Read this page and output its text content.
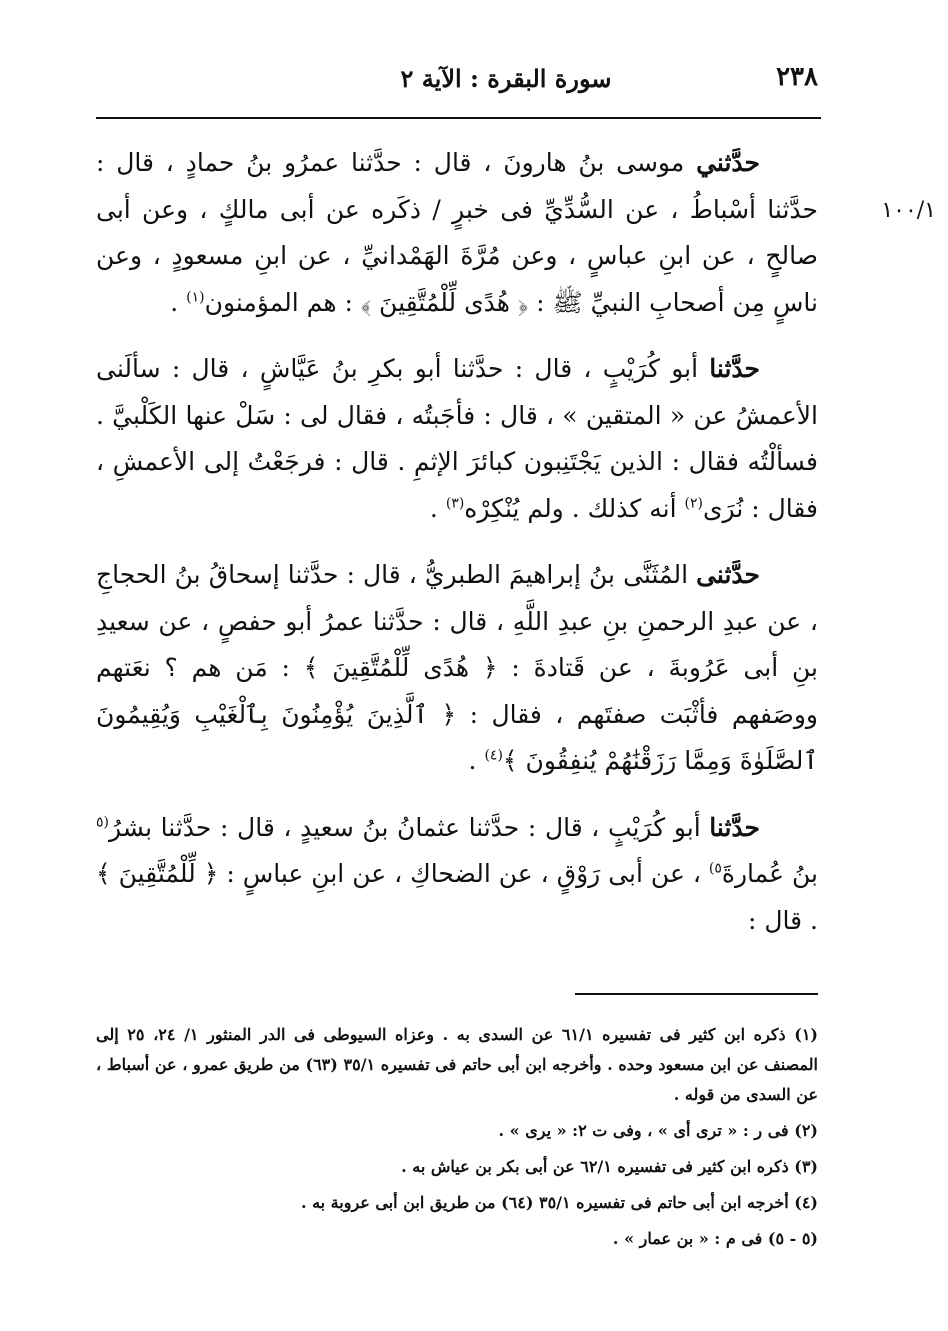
٢٣٨
سورة البقرة : الآية ٢
١٠٠/١

حدَّثني موسى بنُ هارونَ ، قال : حدَّثنا عمرُو بنُ حمادٍ ، قال : حدَّثنا أسْباطُ ، عن السُّدِّيِّ فى خبرٍ / ذكَره عن أبى مالكٍ ، وعن أبى صالحٍ ، عن ابنِ عباسٍ ، وعن مُرَّةَ الهَمْدانيِّ ، عن ابنِ مسعودٍ ، وعن ناسٍ مِن أصحابِ النبيِّ ﷺ : ﴿ هُدًى لِّلْمُتَّقِينَ ﴾ : هم المؤمنون$^{(١)}$ .

حدَّثنا أبو كُرَيْبٍ ، قال : حدَّثنا أبو بكرِ بنُ عَيَّاشٍ ، قال : سألَنى الأعمشُ عن « المتقين » ، قال : فأجَبتُه ، فقال لى : سَلْ عنها الكَلْبيَّ . فسألْتُه فقال : الذين يَجْتَنِبون كبائرَ الإثمِ . قال : فرجَعْتُ إلى الأعمشِ ، فقال : نُرَى$^{(٢)}$ أنه كذلك . ولم يُنْكِرْه$^{(٣)}$ .

حدَّثنى المُثَنَّى بنُ إبراهيمَ الطبريُّ ، قال : حدَّثنا إسحاقُ بنُ الحجاجِ ، عن عبدِ الرحمنِ بنِ عبدِ اللَّهِ ، قال : حدَّثنا عمرُ أبو حفصٍ ، عن سعيدِ بنِ أبى عَرُوبةَ ، عن قَتادةَ : ﴿ هُدًى لِّلْمُتَّقِينَ ﴾ : مَن هم ؟ نعَتهم ووصَفهم فأثْبَت صفتَهم ، فقال : ﴿ ٱلَّذِينَ يُؤْمِنُونَ بِٱلْغَيْبِ وَيُقِيمُونَ ٱلصَّلَوٰةَ وَمِمَّا رَزَقْنَٰهُمْ يُنفِقُونَ ﴾$^{(٤)}$ .

حدَّثنا أبو كُرَيْبٍ ، قال : حدَّثنا عثمانُ بنُ سعيدٍ ، قال : حدَّثنا بشرُ$^{(٥}$ بنُ عُمارةَ$^{٥)}$ ، عن أبى رَوْقٍ ، عن الضحاكِ ، عن ابنِ عباسٍ : ﴿ لِّلْمُتَّقِينَ ﴾ . قال :

(١) ذكره ابن كثير فى تفسيره ٦١/١ عن السدى به . وعزاه السيوطى فى الدر المنثور ١/ ٢٤، ٢٥ إلى المصنف عن ابن مسعود وحده . وأخرجه ابن أبى حاتم فى تفسيره ٣٥/١ (٦٣) من طريق عمرو ، عن أسباط ، عن السدى من قوله .

(٢) فى ر : « ترى أى » ، وفى ت ٢: « يرى » .

(٣) ذكره ابن كثير فى تفسيره ٦٢/١ عن أبى بكر بن عياش به .

(٤) أخرجه ابن أبى حاتم فى تفسيره ٣٥/١ (٦٤) من طريق ابن أبى عروبة به .

(٥ - ٥) فى م : « بن عمار » .
